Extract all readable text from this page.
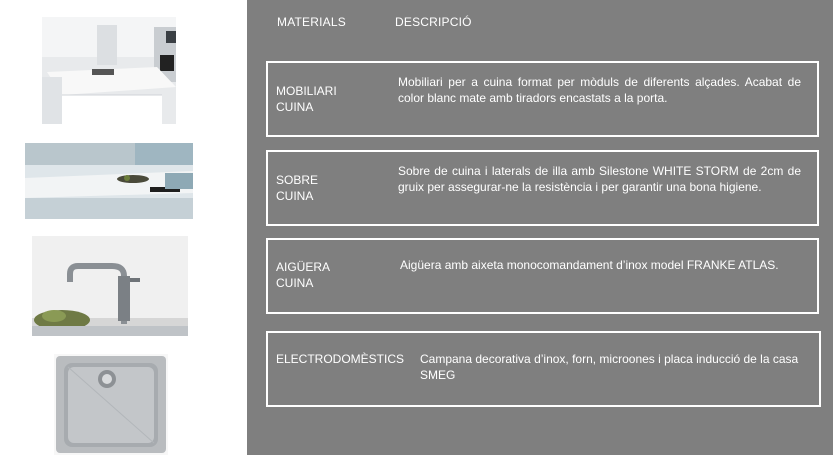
MATERIALS	DESCRIPCIÓ
MOBILIARI
CUINA
Mobiliari per a cuina format per mòduls de diferents alçades. Acabat de color blanc mate amb tiradors encastats a la porta.
SOBRE
CUINA
Sobre de cuina i laterals de illa amb Silestone WHITE STORM de 2cm de gruix per assegurar-ne la resistència i per garantir una bona higiene.
AIGÜERA
CUINA
Aigüera amb aixeta monocomandament d’inox model FRANKE ATLAS.
ELECTRODOMÈSTICS	Campana decorativa d’inox, forn, microones i placa inducció de la casa SMEG
